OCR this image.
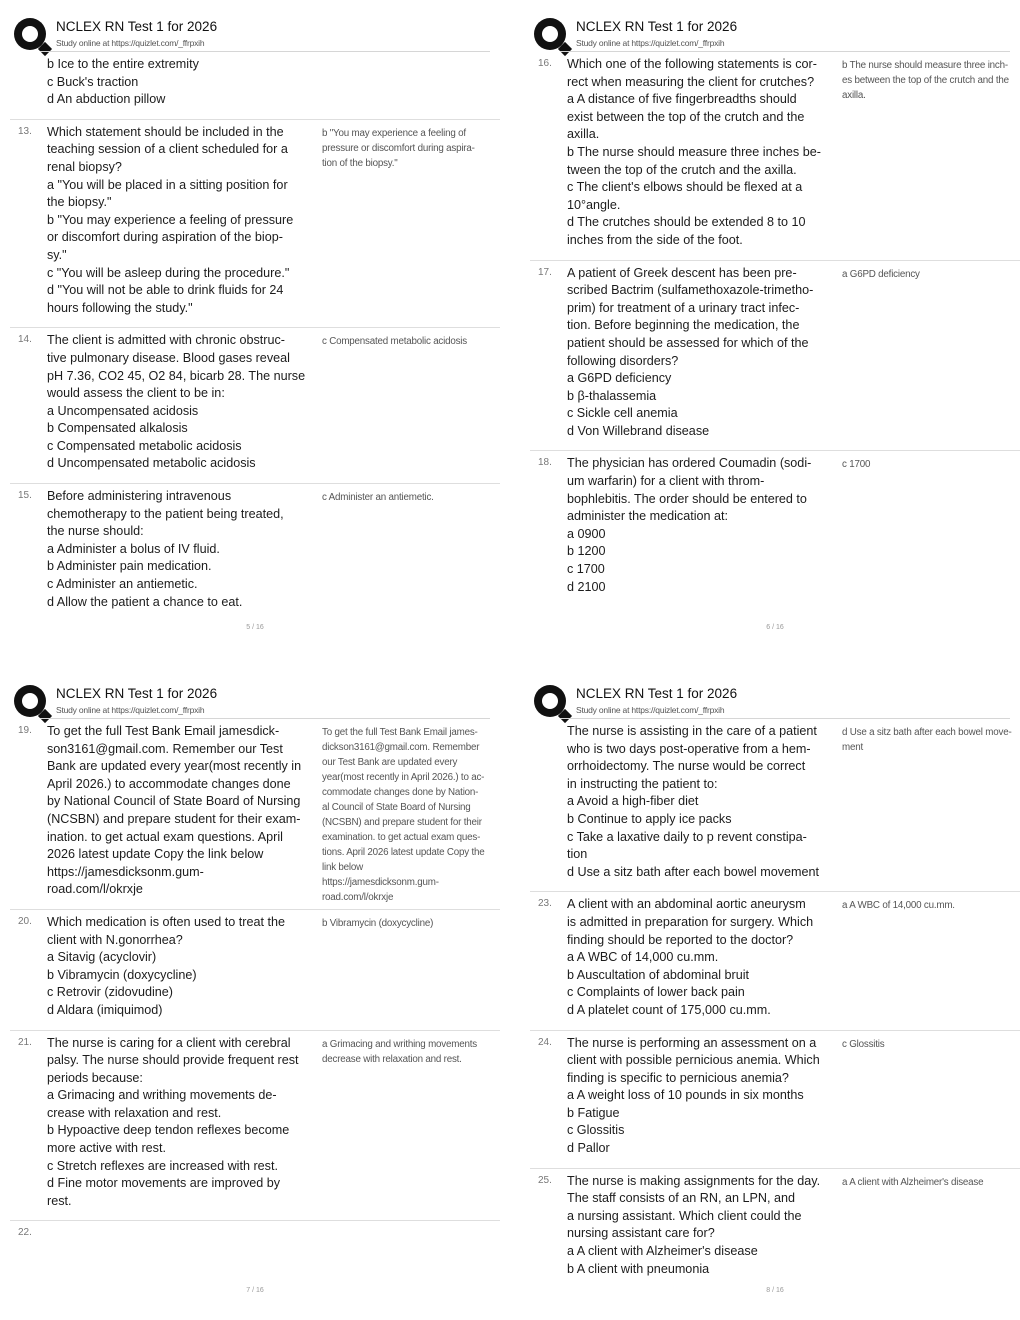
NCLEX RN Test 1 for 2026
Study online at https://quizlet.com/_ffrpxih
b Ice to the entire extremity
c Buck's traction
d An abduction pillow
13. Which statement should be included in the
teaching session of a client scheduled for a
renal biopsy?
a "You will be placed in a sitting position for
the biopsy."
b "You may experience a feeling of pressure
or discomfort during aspiration of the biop-
sy."
c "You will be asleep during the procedure."
d "You will not be able to drink fluids for 24
hours following the study."
b "You may experience a feeling of
pressure or discomfort during aspira-
tion of the biopsy."
14. The client is admitted with chronic obstruc-
tive pulmonary disease. Blood gases reveal
pH 7.36, CO2 45, O2 84, bicarb 28. The nurse
would assess the client to be in:
a Uncompensated acidosis
b Compensated alkalosis
c Compensated metabolic acidosis
d Uncompensated metabolic acidosis
c Compensated metabolic acidosis
15. Before administering intravenous
chemotherapy to the patient being treated,
the nurse should:
a Administer a bolus of IV fluid.
b Administer pain medication.
c Administer an antiemetic.
d Allow the patient a chance to eat.
c Administer an antiemetic.
5 / 16
NCLEX RN Test 1 for 2026
Study online at https://quizlet.com/_ffrpxih
16. Which one of the following statements is cor-
rect when measuring the client for crutches?
a A distance of five fingerbreadths should
exist between the top of the crutch and the
axilla.
b The nurse should measure three inches be-
tween the top of the crutch and the axilla.
c The client's elbows should be flexed at a
10°angle.
d The crutches should be extended 8 to 10
inches from the side of the foot.
b The nurse should measure three inch-
es between the top of the crutch and the
axilla.
17. A patient of Greek descent has been pre-
scribed Bactrim (sulfamethoxazole-trimetho-
prim) for treatment of a urinary tract infec-
tion. Before beginning the medication, the
patient should be assessed for which of the
following disorders?
a G6PD deficiency
b β-thalassemia
c Sickle cell anemia
d Von Willebrand disease
a G6PD deficiency
18. The physician has ordered Coumadin (sodi-
um warfarin) for a client with throm-
bophlebitis. The order should be entered to
administer the medication at:
a 0900
b 1200
c 1700
d 2100
c 1700
6 / 16
NCLEX RN Test 1 for 2026
Study online at https://quizlet.com/_ffrpxih
19. To get the full Test Bank Email jamesdick-
son3161@gmail.com. Remember our Test
Bank are updated every year(most recently in
April 2026.) to accommodate changes done
by National Council of State Board of Nursing
(NCSBN) and prepare student for their exam-
ination. to get actual exam questions. April
2026 latest update Copy the link below
https://jamesdicksonm.gum-
road.com/l/okrxje
To get the full Test Bank Email james-
dickson3161@gmail.com. Remember
our Test Bank are updated every
year(most recently in April 2026.) to ac-
commodate changes done by Nation-
al Council of State Board of Nursing
(NCSBN) and prepare student for their
examination. to get actual exam ques-
tions. April 2026 latest update Copy the
link below
https://jamesdicksonm.gum-
road.com/l/okrxje
20. Which medication is often used to treat the
client with N.gonorrhea?
a Sitavig (acyclovir)
b Vibramycin (doxycycline)
c Retrovir (zidovudine)
d Aldara (imiquimod)
b Vibramycin (doxycycline)
21. The nurse is caring for a client with cerebral
palsy. The nurse should provide frequent rest
periods because:
a Grimacing and writhing movements de-
crease with relaxation and rest.
b Hypoactive deep tendon reflexes become
more active with rest.
c Stretch reflexes are increased with rest.
d Fine motor movements are improved by
rest.
a Grimacing and writhing movements
decrease with relaxation and rest.
22.
7 / 16
NCLEX RN Test 1 for 2026
Study online at https://quizlet.com/_ffrpxih
The nurse is assisting in the care of a patient
who is two days post-operative from a hem-
orrhoidectomy. The nurse would be correct
in instructing the patient to:
a Avoid a high-fiber diet
b Continue to apply ice packs
c Take a laxative daily to p revent constipa-
tion
d Use a sitz bath after each bowel movement
d Use a sitz bath after each bowel move-
ment
23. A client with an abdominal aortic aneurysm
is admitted in preparation for surgery. Which
finding should be reported to the doctor?
a A WBC of 14,000 cu.mm.
b Auscultation of abdominal bruit
c Complaints of lower back pain
d A platelet count of 175,000 cu.mm.
a A WBC of 14,000 cu.mm.
24. The nurse is performing an assessment on a
client with possible pernicious anemia. Which
finding is specific to pernicious anemia?
a A weight loss of 10 pounds in six months
b Fatigue
c Glossitis
d Pallor
c Glossitis
25. The nurse is making assignments for the day.
The staff consists of an RN, an LPN, and
a nursing assistant. Which client could the
nursing assistant care for?
a A client with Alzheimer's disease
b A client with pneumonia
a A client with Alzheimer's disease
8 / 16
